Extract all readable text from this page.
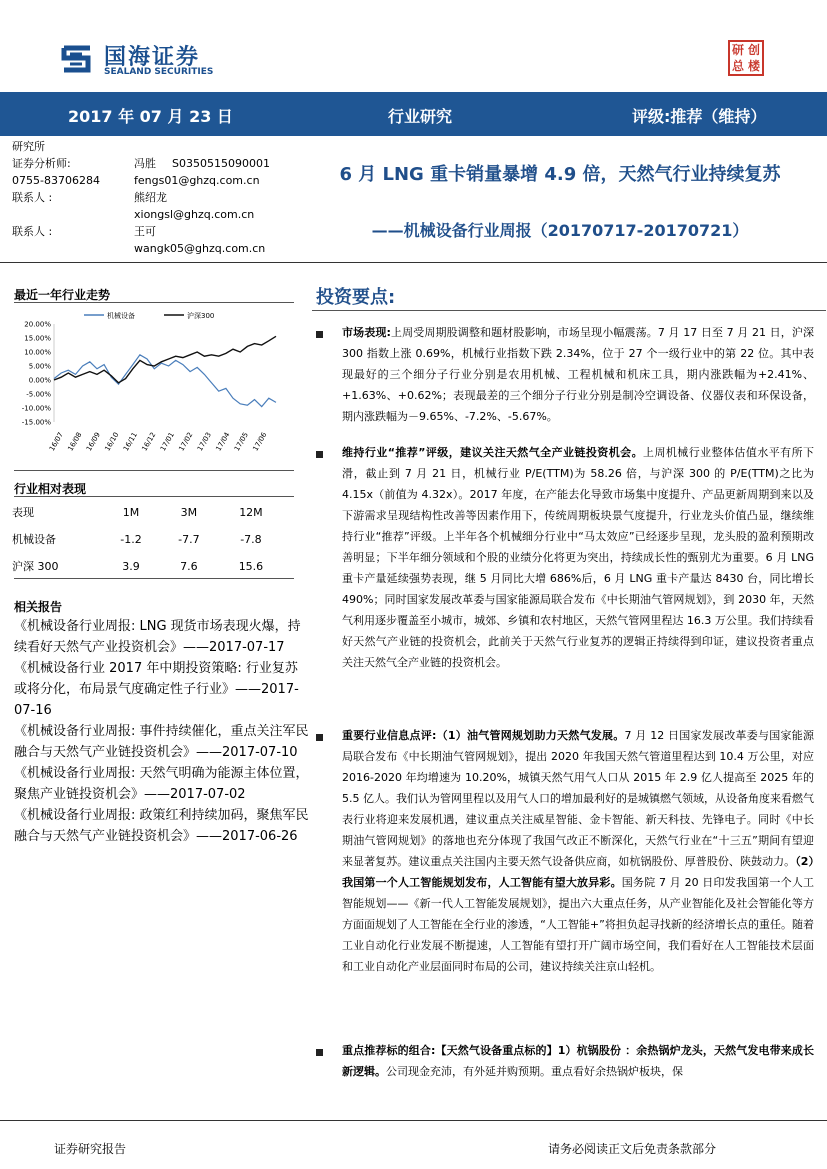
国海证券
SEALAND SECURITIES
研 创
总 楼
2017 年 07 月 23 日	行业研究	评级:推荐（维持）
研究所
证券分析师:	冯胜 S0350515090001
0755-83706284	fengs01@ghzq.com.cn
联系人 :	熊绍龙
xiongsl@ghzq.com.cn
联系人 :	王可
wangk05@ghzq.com.cn
6 月 LNG 重卡销量暴增 4.9 倍，天然气行业持续复苏
——机械设备行业周报（20170717-20170721）
最近一年行业走势
机械设备	沪深300
20.00%
15.00%
10.00%
5.00%
0.00%
-5.00%
-10.00%
-15.00%
16/07 16/08 16/09 16/10 16/11 16/12 17/01 17/02 17/03 17/04 17/05 17/06
行业相对表现
表现	1M	3M	12M
机械设备	-1.2	-7.7	-7.8
沪深 300	3.9	7.6	15.6
相关报告

《机械设备行业周报: LNG 现货市场表现火爆，持续看好天然气产业投资机会》——2017-07-17

《机械设备行业 2017 年中期投资策略: 行业复苏或将分化，布局景气度确定性子行业》——2017-07-16

《机械设备行业周报: 事件持续催化，重点关注军民融合与天然气产业链投资机会》——2017-07-10

《机械设备行业周报: 天然气明确为能源主体位置，聚焦产业链投资机会》——2017-07-02

《机械设备行业周报: 政策红利持续加码，聚焦军民融合与天然气产业链投资机会》——2017-06-26

投资要点:

市场表现:上周受周期股调整和题材股影响，市场呈现小幅震荡。7 月 17 日至 7 月 21 日，沪深 300 指数上涨 0.69%，机械行业指数下跌 2.34%，位于 27 个一级行业中的第 22 位。其中表现最好的三个细分子行业分别是农用机械、工程机械和机床工具，期内涨跌幅为+2.41%、+1.63%、+0.62%；表现最差的三个细分子行业分别是制冷空调设备、仪器仪表和环保设备，期内涨跌幅为－9.65%、-7.2%、-5.67%。

维持行业“推荐”评级，建议关注天然气全产业链投资机会。上周机械行业整体估值水平有所下滑，截止到 7 月 21 日，机械行业 P/E(TTM)为 58.26 倍，与沪深 300 的 P/E(TTM)之比为 4.15x（前值为 4.32x）。2017 年度，在产能去化导致市场集中度提升、产品更新周期到来以及下游需求呈现结构性改善等因素作用下，传统周期板块景气度提升，行业龙头价值凸显，继续维持行业“推荐”评级。上半年各个机械细分行业中“马太效应”已经逐步呈现，龙头股的盈利预期改善明显；下半年细分领域和个股的业绩分化将更为突出，持续成长性的甄别尤为重要。6 月 LNG 重卡产量延续强势表现，继 5 月同比大增 686%后，6 月 LNG 重卡产量达 8430 台，同比增长 490%；同时国家发展改革委与国家能源局联合发布《中长期油气管网规划》，到 2030 年，天然气利用逐步覆盖至小城市，城郊、乡镇和农村地区，天然气管网里程达 16.3 万公里。我们持续看好天然气产业链的投资机会，此前关于天然气行业复苏的逻辑正持续得到印证，建议投资者重点关注天然气全产业链的投资机会。

重要行业信息点评:（1）油气管网规划助力天然气发展。7 月 12 日国家发展改革委与国家能源局联合发布《中长期油气管网规划》，提出 2020 年我国天然气管道里程达到 10.4 万公里，对应 2016-2020 年均增速为 10.20%，城镇天然气用气人口从 2015 年 2.9 亿人提高至 2025 年的 5.5 亿人。我们认为管网里程以及用气人口的增加最利好的是城镇燃气领域，从设备角度来看燃气表行业将迎来发展机遇，建议重点关注威星智能、金卡智能、新天科技、先锋电子。同时《中长期油气管网规划》的落地也充分体现了我国气改正不断深化，天然气行业在“十三五”期间有望迎来显著复苏。建议重点关注国内主要天然气设备供应商，如杭锅股份、厚普股份、陕鼓动力。（2）我国第一个人工智能规划发布，人工智能有望大放异彩。国务院 7 月 20 日印发我国第一个人工智能规划——《新一代人工智能发展规划》，提出六大重点任务，从产业智能化及社会智能化等方方面面规划了人工智能在全行业的渗透，“人工智能+”将担负起寻找新的经济增长点的重任。随着工业自动化行业发展不断提速，人工智能有望打开广阔市场空间，我们看好在人工智能技术层面和工业自动化产业层面同时布局的公司，建议持续关注京山轻机。

重点推荐标的组合:【天然气设备重点标的】1）杭锅股份 ：余热锅炉龙头，天然气发电带来成长新逻辑。公司现金充沛，有外延并购预期。重点看好余热锅炉板块，保

证券研究报告	请务必阅读正文后免责条款部分
